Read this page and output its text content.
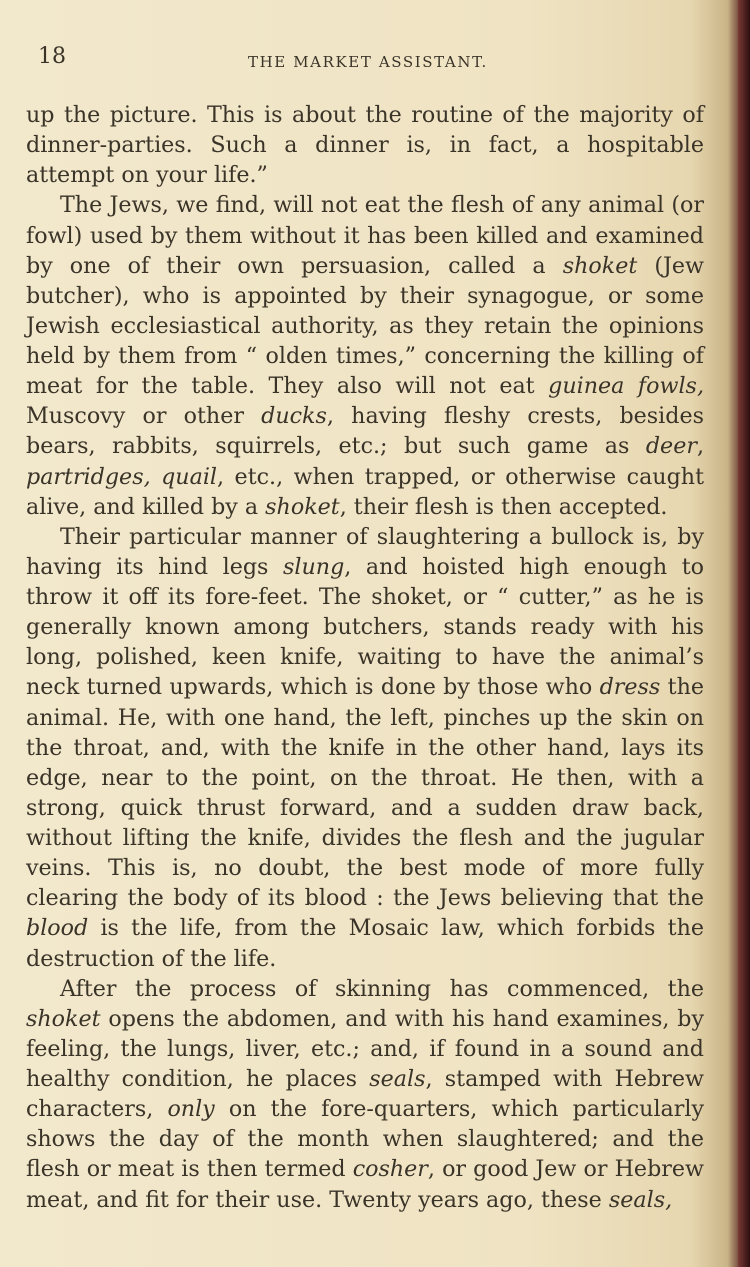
18	THE MARKET ASSISTANT.

up the picture. This is about the routine of the majority of dinner-parties. Such a dinner is, in fact, a hospitable attempt on your life.”

The Jews, we find, will not eat the flesh of any animal (or fowl) used by them without it has been killed and examined by one of their own persuasion, called a shoket (Jew butcher), who is appointed by their synagogue, or some Jewish ecclesiastical authority, as they retain the opinions held by them from “ olden times,” concerning the killing of meat for the table. They also will not eat guinea fowls, Muscovy or other ducks, having fleshy crests, besides bears, rabbits, squirrels, etc.; but such game as deer, partridges, quail, etc., when trapped, or otherwise caught alive, and killed by a shoket, their flesh is then accepted.

Their particular manner of slaughtering a bullock is, by having its hind legs slung, and hoisted high enough to throw it off its fore-feet. The shoket, or “ cutter,” as he is generally known among butchers, stands ready with his long, polished, keen knife, waiting to have the animal’s neck turned upwards, which is done by those who dress the animal. He, with one hand, the left, pinches up the skin on the throat, and, with the knife in the other hand, lays its edge, near to the point, on the throat. He then, with a strong, quick thrust forward, and a sudden draw back, without lifting the knife, divides the flesh and the jugular veins. This is, no doubt, the best mode of more fully clearing the body of its blood : the Jews believing that the blood is the life, from the Mosaic law, which forbids the destruction of the life.

After the process of skinning has commenced, the shoket opens the abdomen, and with his hand examines, by feeling, the lungs, liver, etc.; and, if found in a sound and healthy condition, he places seals, stamped with Hebrew characters, only on the fore-quarters, which particularly shows the day of the month when slaughtered; and the flesh or meat is then termed cosher, or good Jew or Hebrew meat, and fit for their use. Twenty years ago, these seals,
